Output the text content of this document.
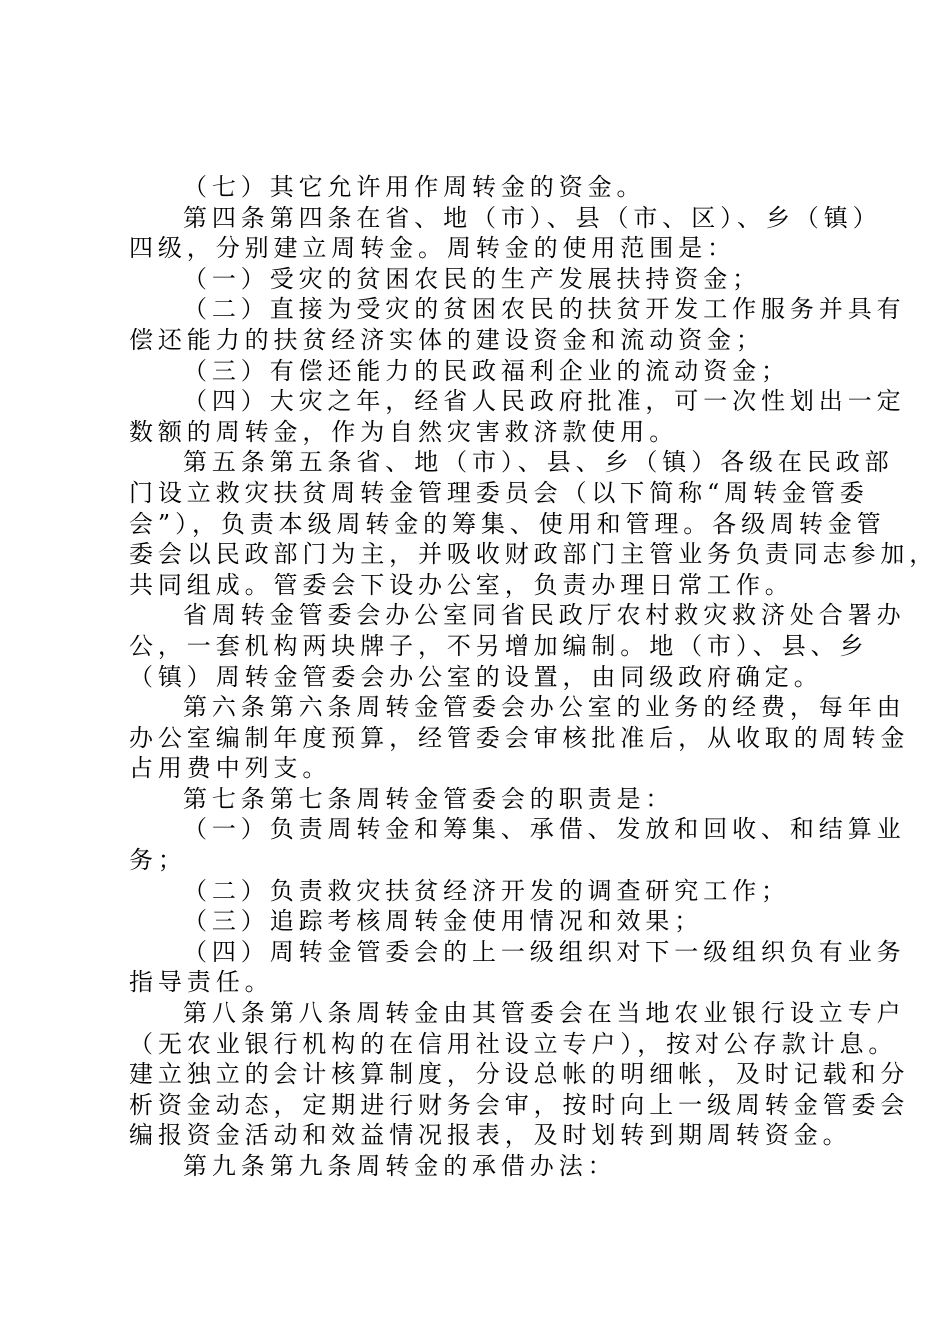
（七）其它允许用作周转金的资金。
第四条第四条在省、地（市）、县（市、区）、乡（镇）
四级，分别建立周转金。周转金的使用范围是：
（一）受灾的贫困农民的生产发展扶持资金；
（二）直接为受灾的贫困农民的扶贫开发工作服务并具有
偿还能力的扶贫经济实体的建设资金和流动资金；
（三）有偿还能力的民政福利企业的流动资金；
（四）大灾之年，经省人民政府批准，可一次性划出一定
数额的周转金，作为自然灾害救济款使用。
第五条第五条省、地（市）、县、乡（镇）各级在民政部
门设立救灾扶贫周转金管理委员会（以下简称“周转金管委
会”），负责本级周转金的筹集、使用和管理。各级周转金管
委会以民政部门为主，并吸收财政部门主管业务负责同志参加，
共同组成。管委会下设办公室，负责办理日常工作。
省周转金管委会办公室同省民政厅农村救灾救济处合署办
公，一套机构两块牌子，不另增加编制。地（市）、县、乡
（镇）周转金管委会办公室的设置，由同级政府确定。
第六条第六条周转金管委会办公室的业务的经费，每年由
办公室编制年度预算，经管委会审核批准后，从收取的周转金
占用费中列支。
第七条第七条周转金管委会的职责是：
（一）负责周转金和筹集、承借、发放和回收、和结算业
务；
（二）负责救灾扶贫经济开发的调查研究工作；
（三）追踪考核周转金使用情况和效果；
（四）周转金管委会的上一级组织对下一级组织负有业务
指导责任。
第八条第八条周转金由其管委会在当地农业银行设立专户
（无农业银行机构的在信用社设立专户），按对公存款计息。
建立独立的会计核算制度，分设总帐的明细帐，及时记载和分
析资金动态，定期进行财务会审，按时向上一级周转金管委会
编报资金活动和效益情况报表，及时划转到期周转资金。
第九条第九条周转金的承借办法：
